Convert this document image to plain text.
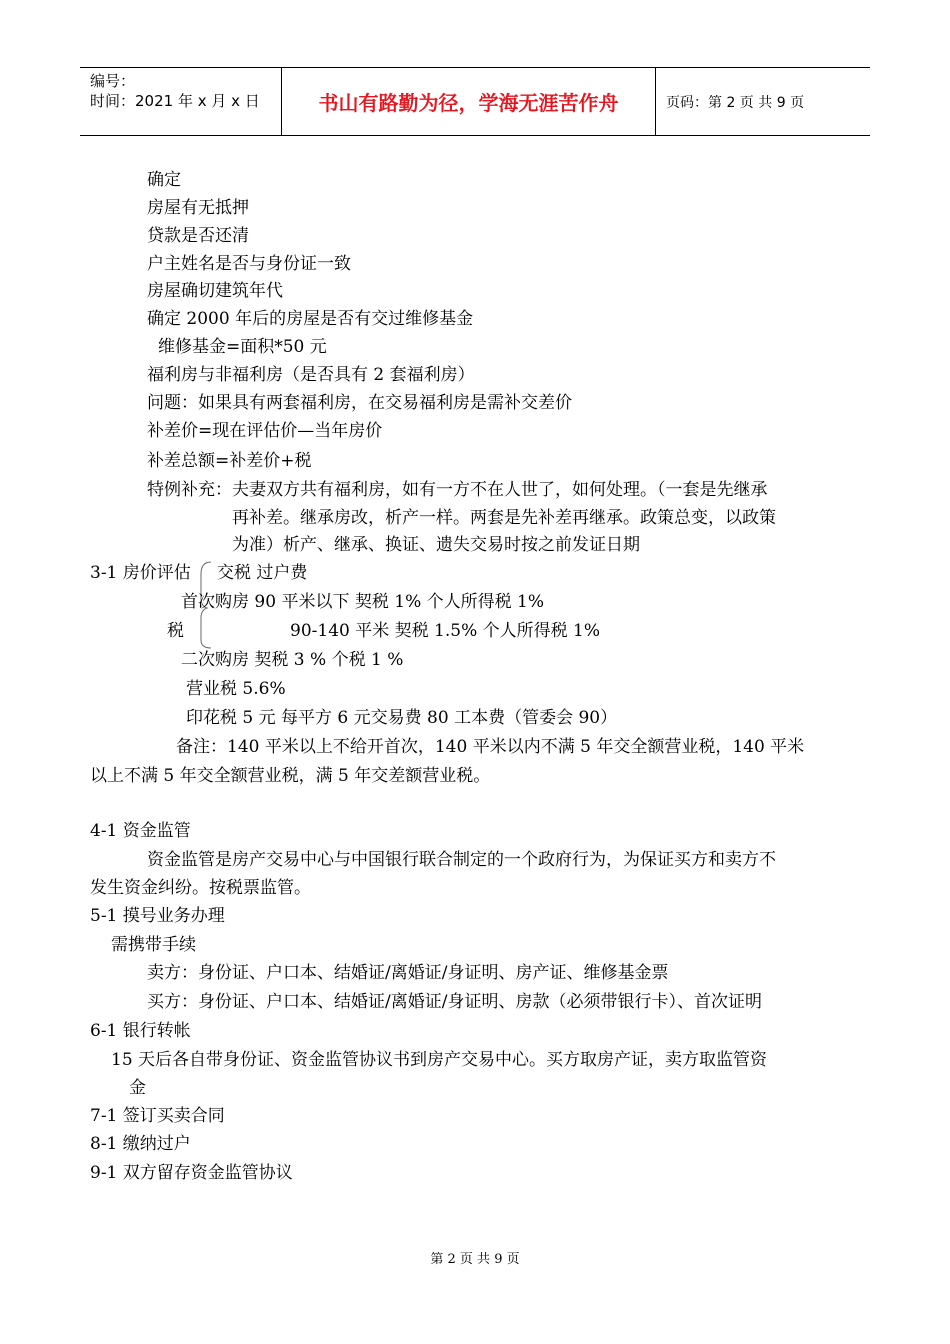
编号：
时间：2021 年 x 月 x 日	书山有路勤为径，学海无涯苦作舟	页码：第 2 页 共 9 页
确定
房屋有无抵押
贷款是否还清
户主姓名是否与身份证一致
房屋确切建筑年代
确定 2000 年后的房屋是否有交过维修基金
维修基金=面积*50 元
福利房与非福利房（是否具有 2 套福利房）
问题：如果具有两套福利房，在交易福利房是需补交差价
补差价=现在评估价—当年房价
补差总额=补差价+税
特例补充： 夫妻双方共有福利房，如有一方不在人世了，如何处理。（一套是先继承
再补差。继承房改，析产一样。两套是先补差再继承。政策总变，以政策
为准）析产、继承、换证、遗失交易时按之前发证日期
3-1 房价评估 交税 过户费
首次购房 90 平米以下 契税 1% 个人所得税 1%
税	90-140 平米 契税 1.5% 个人所得税 1%
二次购房 契税 3 % 个税 1 %
营业税 5.6%
印花税 5 元 每平方 6 元交易费 80 工本费（管委会 90）
备注：140 平米以上不给开首次，140 平米以内不满 5 年交全额营业税，140 平米
以上不满 5 年交全额营业税，满 5 年交差额营业税。
4-1 资金监管
资金监管是房产交易中心与中国银行联合制定的一个政府行为，为保证买方和卖方不
发生资金纠纷。按税票监管。
5-1 摸号业务办理
需携带手续
卖方：身份证、户口本、结婚证/离婚证/身证明、房产证、维修基金票
买方：身份证、户口本、结婚证/离婚证/身证明、房款（必须带银行卡）、首次证明
6-1 银行转帐
15 天后各自带身份证、资金监管协议书到房产交易中心。买方取房产证，卖方取监管资
金
7-1 签订买卖合同
8-1 缴纳过户
9-1 双方留存资金监管协议
第 2 页 共 9 页
